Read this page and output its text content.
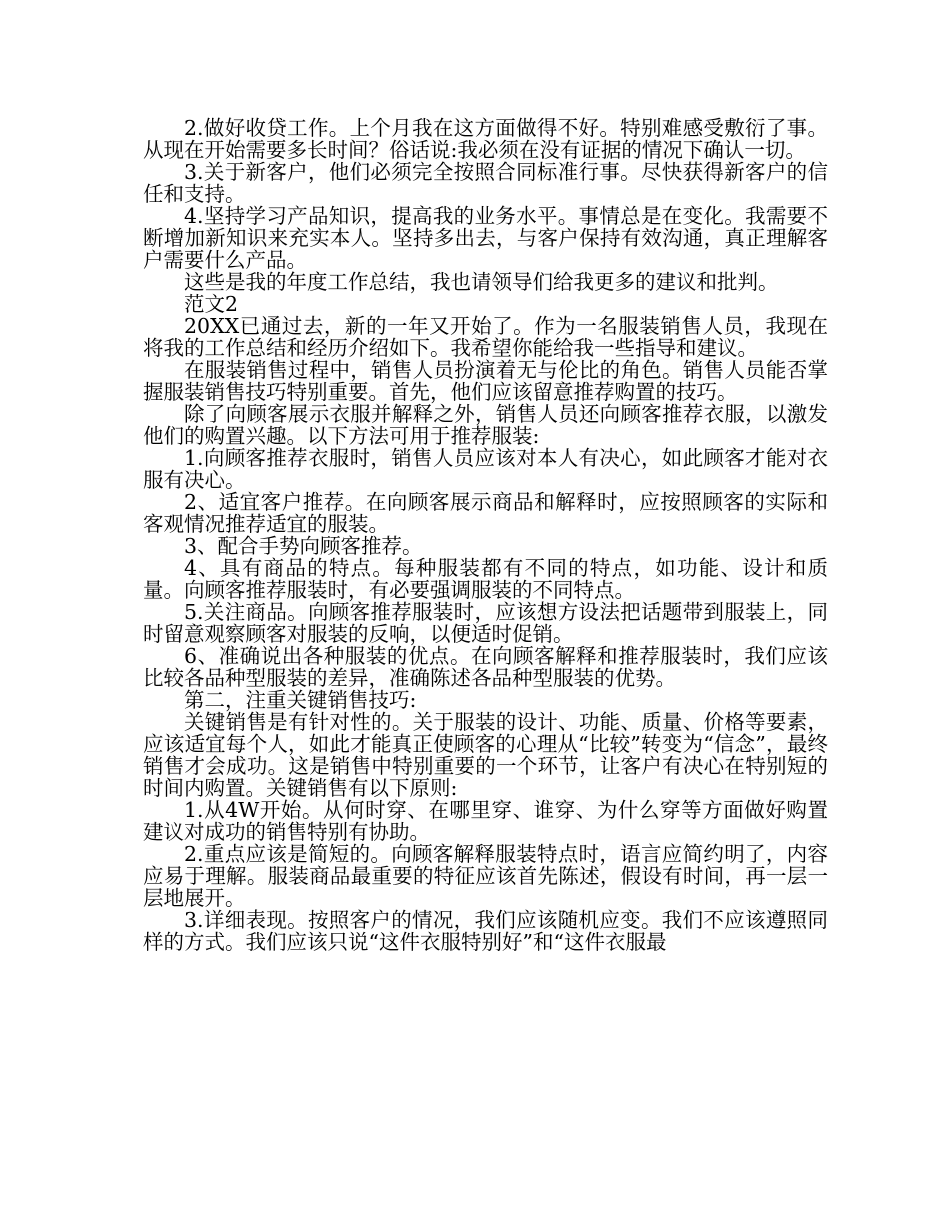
2.做好收贷工作。上个月我在这方面做得不好。特别难感受敷衍了事。从现在开始需要多长时间？俗话说:我必须在没有证据的情况下确认一切。

3.关于新客户，他们必须完全按照合同标准行事。尽快获得新客户的信任和支持。

4.坚持学习产品知识，提高我的业务水平。事情总是在变化。我需要不断增加新知识来充实本人。坚持多出去，与客户保持有效沟通，真正理解客户需要什么产品。

这些是我的年度工作总结，我也请领导们给我更多的建议和批判。

范文2

20XX已通过去，新的一年又开始了。作为一名服装销售人员，我现在将我的工作总结和经历介绍如下。我希望你能给我一些指导和建议。

在服装销售过程中，销售人员扮演着无与伦比的角色。销售人员能否掌握服装销售技巧特别重要。首先，他们应该留意推荐购置的技巧。

除了向顾客展示衣服并解释之外，销售人员还向顾客推荐衣服，以激发他们的购置兴趣。以下方法可用于推荐服装:

1.向顾客推荐衣服时，销售人员应该对本人有决心，如此顾客才能对衣服有决心。

2、适宜客户推荐。在向顾客展示商品和解释时，应按照顾客的实际和客观情况推荐适宜的服装。

3、配合手势向顾客推荐。

4、具有商品的特点。每种服装都有不同的特点，如功能、设计和质量。向顾客推荐服装时，有必要强调服装的不同特点。

5.关注商品。向顾客推荐服装时，应该想方设法把话题带到服装上，同时留意观察顾客对服装的反响，以便适时促销。

6、准确说出各种服装的优点。在向顾客解释和推荐服装时，我们应该比较各品种型服装的差异，准确陈述各品种型服装的优势。

第二，注重关键销售技巧:

关键销售是有针对性的。关于服装的设计、功能、质量、价格等要素，应该适宜每个人，如此才能真正使顾客的心理从“比较”转变为“信念”，最终销售才会成功。这是销售中特别重要的一个环节，让客户有决心在特别短的时间内购置。关键销售有以下原则:

1.从4W开始。从何时穿、在哪里穿、谁穿、为什么穿等方面做好购置建议对成功的销售特别有协助。

2.重点应该是简短的。向顾客解释服装特点时，语言应简约明了，内容应易于理解。服装商品最重要的特征应该首先陈述，假设有时间，再一层一层地展开。

3.详细表现。按照客户的情况，我们应该随机应变。我们不应该遵照同样的方式。我们应该只说“这件衣服特别好”和“这件衣服最
